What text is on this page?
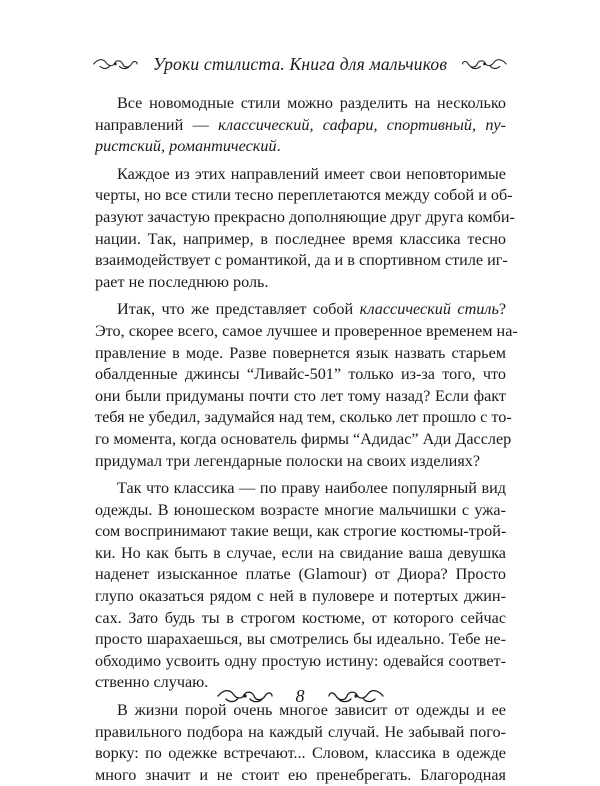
Уроки стилиста. Книга для мальчиков
Все новомодные стили можно разделить на несколько
направлений — классический, сафари, спортивный, пу-
ристский, романтический.
Каждое из этих направлений имеет свои неповторимые
черты, но все стили тесно переплетаются между собой и об-
разуют зачастую прекрасно дополняющие друг друга комби-
нации. Так, например, в последнее время классика тесно
взаимодействует с романтикой, да и в спортивном стиле иг-
рает не последнюю роль.
Итак, что же представляет собой классический стиль?
Это, скорее всего, самое лучшее и проверенное временем на-
правление в моде. Разве повернется язык назвать старьем
обалденные джинсы “Ливайс-501” только из-за того, что
они были придуманы почти сто лет тому назад? Если факт
тебя не убедил, задумайся над тем, сколько лет прошло с то-
го момента, когда основатель фирмы “Адидас” Ади Дасслер
придумал три легендарные полоски на своих изделиях?
Так что классика — по праву наиболее популярный вид
одежды. В юношеском возрасте многие мальчишки с ужа-
сом воспринимают такие вещи, как строгие костюмы-трой-
ки. Но как быть в случае, если на свидание ваша девушка
наденет изысканное платье (Glamour) от Диора? Просто
глупо оказаться рядом с ней в пуловере и потертых джин-
сах. Зато будь ты в строгом костюме, от которого сейчас
просто шарахаешься, вы смотрелись бы идеально. Тебе не-
обходимо усвоить одну простую истину: одевайся соответ-
ственно случаю.
В жизни порой очень многое зависит от одежды и ее
правильного подбора на каждый случай. Не забывай пого-
ворку: по одежке встречают... Словом, классика в одежде
много значит и не стоит ею пренебрегать. Благородная
8
